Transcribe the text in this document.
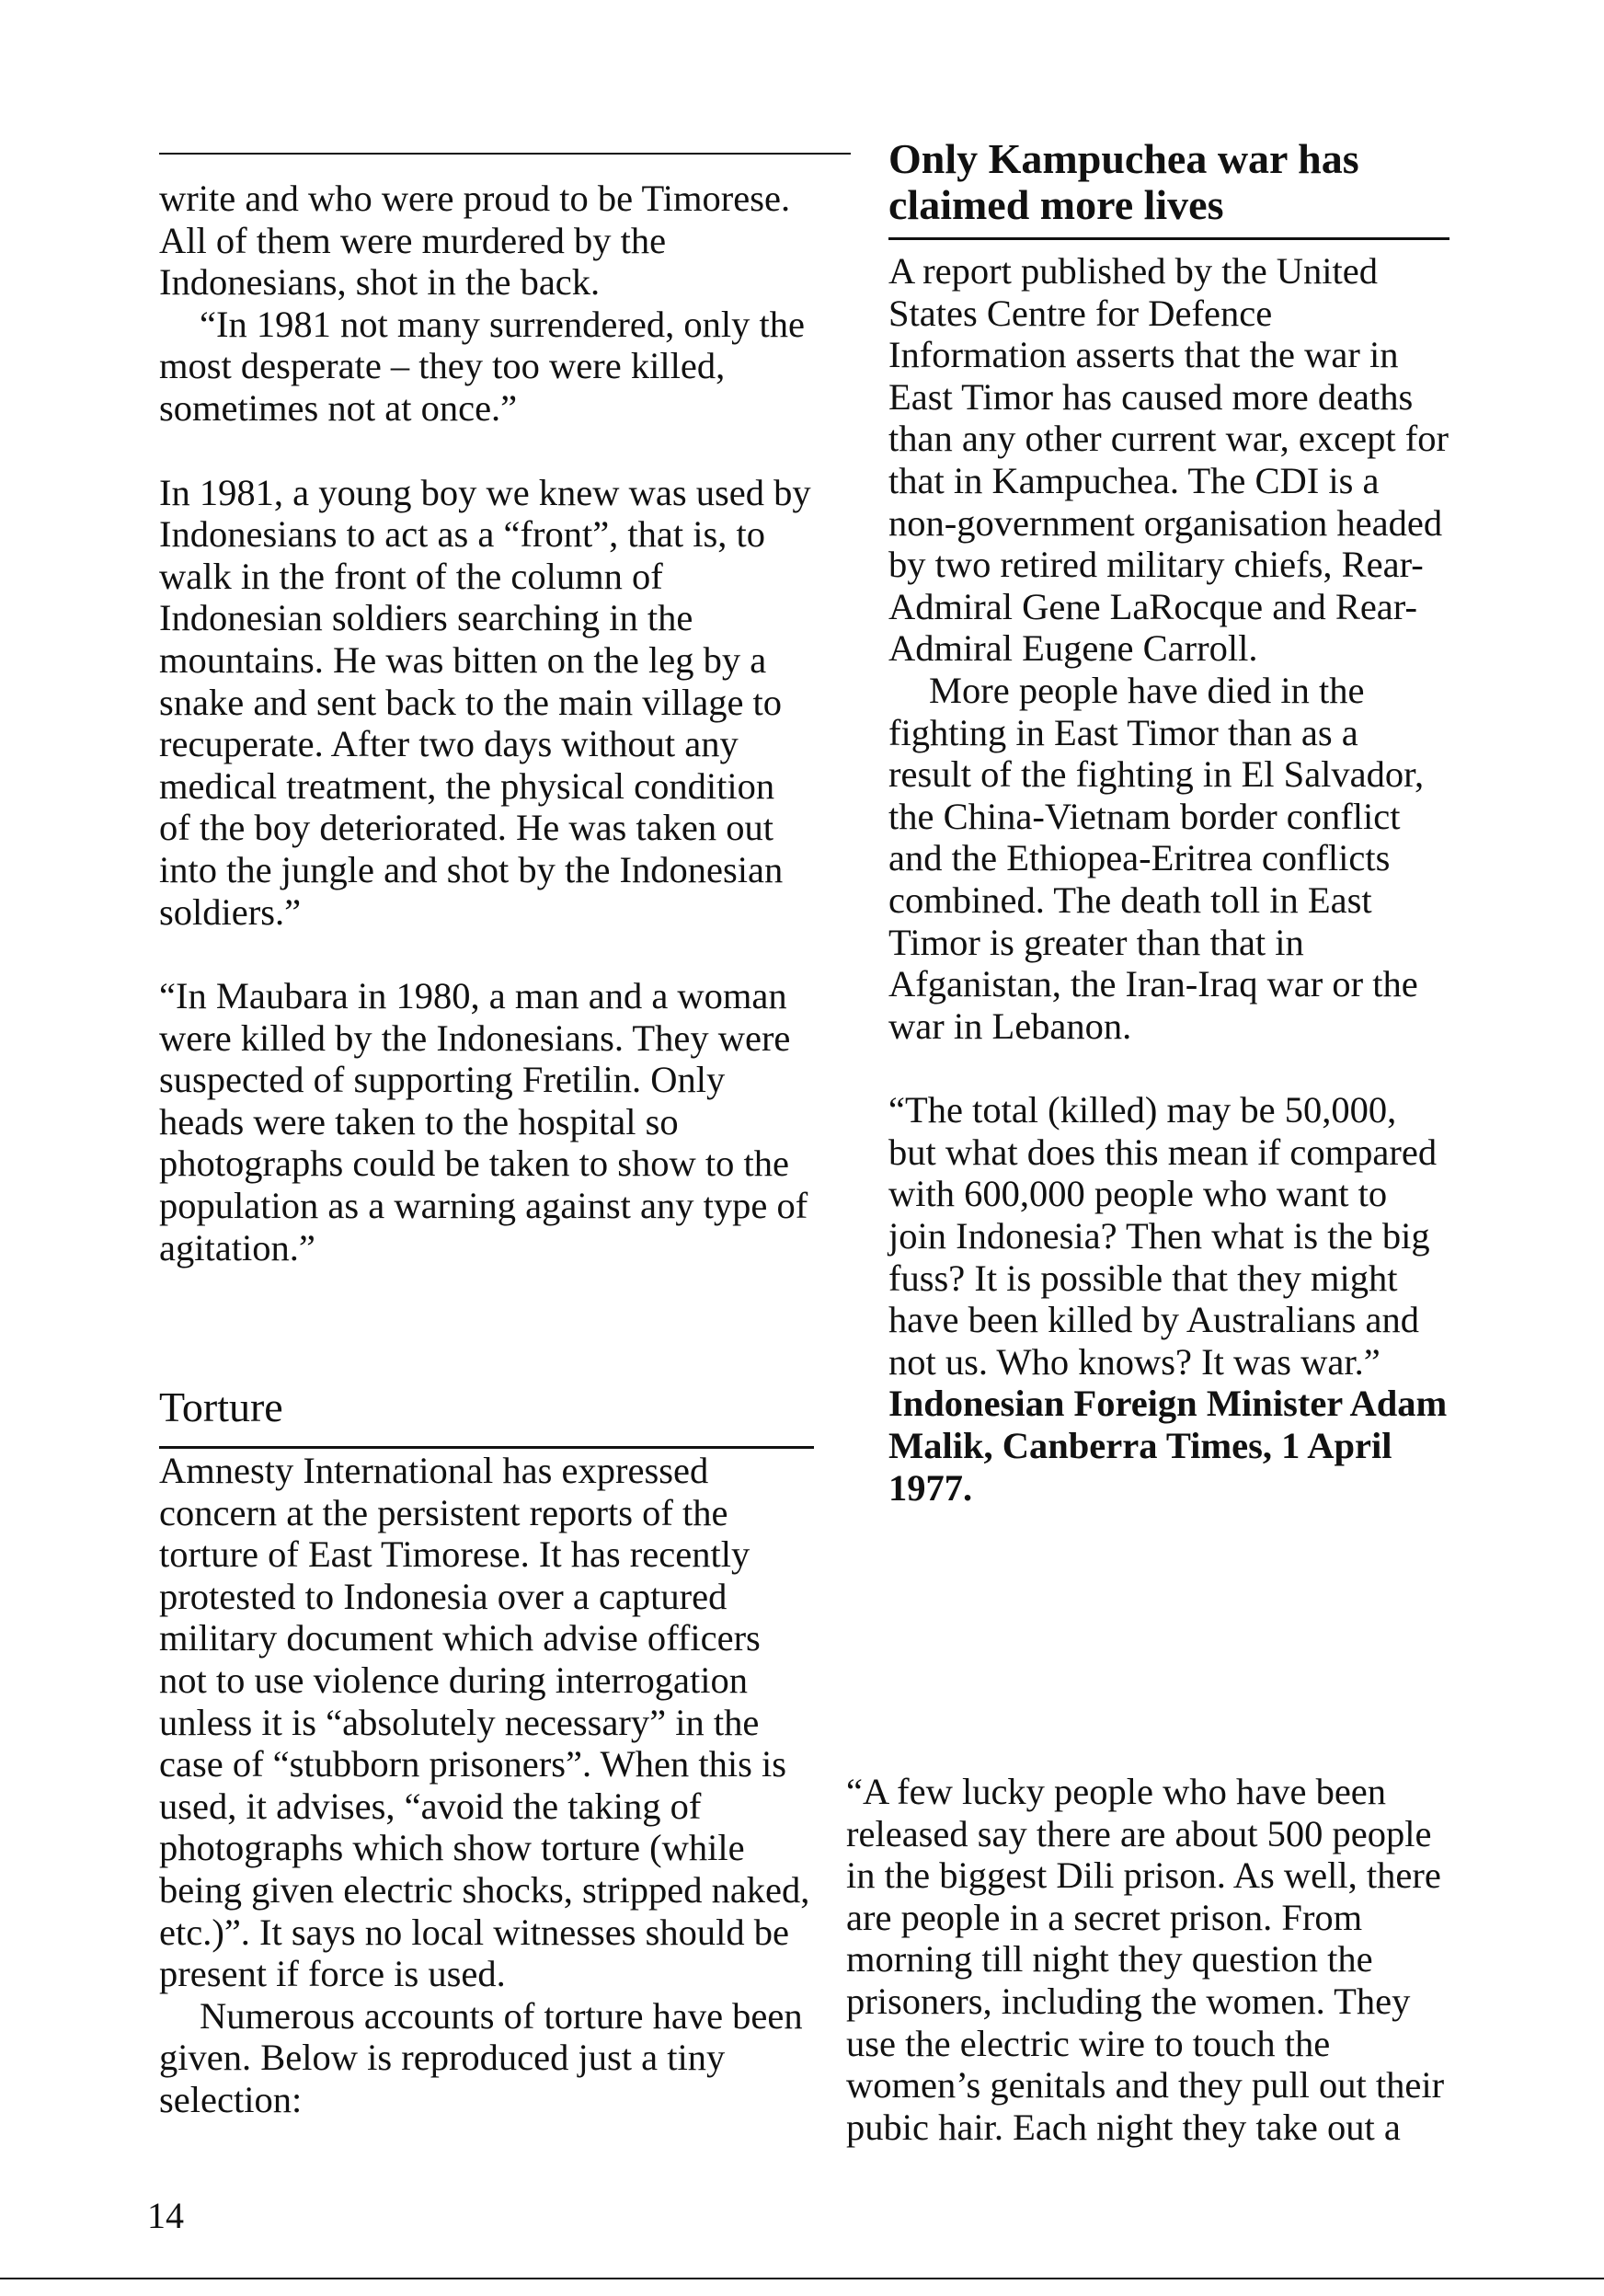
write and who were proud to be Timorese. All of them were murdered by the Indonesians, shot in the back.

“In 1981 not many surrendered, only the most desperate – they too were killed, sometimes not at once.”

In 1981, a young boy we knew was used by Indonesians to act as a “front”, that is, to walk in the front of the column of Indonesian soldiers searching in the mountains. He was bitten on the leg by a snake and sent back to the main village to recuperate. After two days without any medical treatment, the physical condition of the boy deteriorated. He was taken out into the jungle and shot by the Indonesian soldiers.”

“In Maubara in 1980, a man and a woman were killed by the Indonesians. They were suspected of supporting Fretilin. Only heads were taken to the hospital so photographs could be taken to show to the population as a warning against any type of agitation.”

Torture

Amnesty International has expressed concern at the persistent reports of the torture of East Timorese. It has recently protested to Indonesia over a captured military document which advise officers not to use violence during interrogation unless it is “absolutely necessary” in the case of “stubborn prisoners”. When this is used, it advises, “avoid the taking of photographs which show torture (while being given electric shocks, stripped naked, etc.)”. It says no local witnesses should be present if force is used.

Numerous accounts of torture have been given. Below is reproduced just a tiny selection:

14
Only Kampuchea war has claimed more lives

A report published by the United States Centre for Defence Information asserts that the war in East Timor has caused more deaths than any other current war, except for that in Kampuchea. The CDI is a non-government organisation headed by two retired military chiefs, Rear-Admiral Gene LaRocque and Rear-Admiral Eugene Carroll.

More people have died in the fighting in East Timor than as a result of the fighting in El Salvador, the China-Vietnam border conflict and the Ethiopea-Eritrea conflicts combined. The death toll in East Timor is greater than that in Afganistan, the Iran-Iraq war or the war in Lebanon.

“The total (killed) may be 50,000, but what does this mean if compared with 600,000 people who want to join Indonesia? Then what is the big fuss? It is possible that they might have been killed by Australians and not us. Who knows? It was war.”

Indonesian Foreign Minister Adam Malik, Canberra Times, 1 April 1977.

“A few lucky people who have been released say there are about 500 people in the biggest Dili prison. As well, there are people in a secret prison. From morning till night they question the prisoners, including the women. They use the electric wire to touch the women’s genitals and they pull out their pubic hair. Each night they take out a
